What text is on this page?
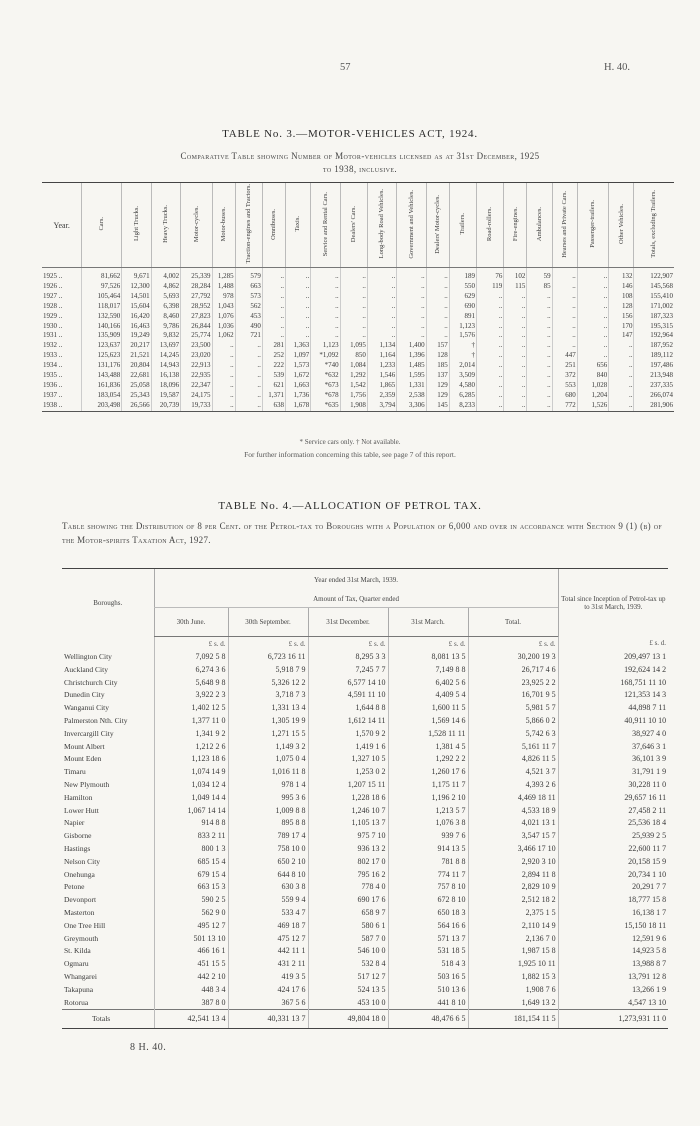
57	H. 40.
TABLE No. 3.—MOTOR-VEHICLES ACT, 1924.
Comparative Table showing Number of Motor-vehicles licensed as at 31st December, 1925
to 1938, inclusive.
Year.	Cars.	Light Trucks.	Heavy Trucks.	Motor-cycles.	Motor-buses.	Traction-engines and Tractors.	Omnibuses.	Taxis.	Service and Rental Cars.	Dealers' Cars.	Long-body Road Vehicles.	Government and Vehicles.	Dealers' Motor-cycles.	Trailers.	Road-rollers.	Fire-engines.	Ambulances.	Hearses and Private Cars.	Passenger-trailers.	Other Vehicles.	Totals, excluding Trailers.
1925 ..	81,662	9,671	4,002	25,339	1,285	579	..	..	..	..	..	..	..	189	76	102	59	..	..	132	122,907
1926 ..	97,526	12,300	4,862	28,284	1,488	663	..	..	..	..	..	..	..	550	119	115	85	..	..	146	145,568
1927 ..	105,464	14,501	5,693	27,792	978	573	..	..	..	..	..	..	..	629	..	..	..	..	..	108	155,410
1928 ..	118,017	15,604	6,398	28,952	1,043	562	..	..	..	..	..	..	..	690	..	..	..	..	..	128	171,002
1929 ..	132,590	16,420	8,460	27,823	1,076	453	..	..	..	..	..	..	..	891	..	..	..	..	..	156	187,323
1930 ..	140,166	16,463	9,786	26,844	1,036	490	..	..	..	..	..	..	..	1,123	..	..	..	..	..	170	195,315
1931 ..	135,909	19,249	9,832	25,774	1,062	721	..	..	..	..	..	..	..	1,576	..	..	..	..	..	147	192,964
1932 ..	123,637	20,217	13,697	23,500	..	..	281	1,363	1,123	1,095	1,134	1,400	157	†	..	..	..	..	..	..	187,952
1933 ..	125,623	21,521	14,245	23,020	..	..	252	1,097	*1,092	850	1,164	1,396	128	†	..	..	..	447	..	..	189,112
1934 ..	131,176	20,804	14,943	22,913	..	..	222	1,573	*740	1,084	1,233	1,485	185	2,014	..	..	..	251	656	..	197,486
1935 ..	143,488	22,681	16,138	22,935	..	..	539	1,672	*632	1,292	1,546	1,595	137	3,509	..	..	..	372	840	..	213,948
1936 ..	161,836	25,058	18,096	22,347	..	..	621	1,663	*673	1,542	1,865	1,331	129	4,580	..	..	..	553	1,028	..	237,335
1937 ..	183,054	25,343	19,587	24,175	..	..	1,371	1,736	*678	1,756	2,359	2,538	129	6,285	..	..	..	680	1,204	..	266,074
1938 ..	203,498	26,566	20,739	19,733	..	..	638	1,678	*635	1,908	3,794	3,306	145	8,233	..	..	..	772	1,526	..	281,906
* Service cars only. † Not available.
For further information concerning this table, see page 7 of this report.
TABLE No. 4.—ALLOCATION OF PETROL TAX.
Table showing the Distribution of 8 per Cent. of the Petrol-tax to Boroughs with a Population of 6,000 and over in accordance with Section 9 (1) (b) of the Motor-spirits Taxation Act, 1927.
Boroughs.	Year ended 31st March, 1939.					Total since Inception of Petrol-tax up to 31st March, 1939.
	Amount of Tax, Quarter ended					
	30th June.	30th September.	31st December.	31st March.	Total.	
	£ s. d.	£ s. d.	£ s. d.	£ s. d.	£ s. d.	£ s. d.
Wellington City	7,092 5 8	6,723 16 11	8,295 3 3	8,081 13 5	30,200 19 3	209,497 13 1
Auckland City	6,274 3 6	5,918 7 9	7,245 7 7	7,149 8 8	26,717 4 6	192,624 14 2
Christchurch City	5,648 9 8	5,326 12 2	6,577 14 10	6,402 5 6	23,925 2 2	168,751 11 10
Dunedin City	3,922 2 3	3,718 7 3	4,591 11 10	4,409 5 4	16,701 9 5	121,353 14 3
Wanganui City	1,402 12 5	1,331 13 4	1,644 8 8	1,600 11 5	5,981 5 7	44,898 7 11
Palmerston Nth. City	1,377 11 0	1,305 19 9	1,612 14 11	1,569 14 6	5,866 0 2	40,911 10 10
Invercargill City	1,341 9 2	1,271 15 5	1,570 9 2	1,528 11 11	5,742 6 3	38,927 4 0
Mount Albert	1,212 2 6	1,149 3 2	1,419 1 6	1,381 4 5	5,161 11 7	37,646 3 1
Mount Eden	1,123 18 6	1,075 0 4	1,327 10 5	1,292 2 2	4,826 11 5	36,101 3 9
Timaru	1,074 14 9	1,016 11 8	1,253 0 2	1,260 17 6	4,521 3 7	31,791 1 9
New Plymouth	1,034 12 4	978 1 4	1,207 15 11	1,175 11 7	4,393 2 6	30,228 11 0
Hamilton	1,049 14 4	995 3 6	1,228 18 6	1,196 2 10	4,469 18 11	29,657 16 11
Lower Hutt	1,067 14 14	1,009 8 8	1,246 10 7	1,213 5 7	4,533 18 9	27,458 2 11
Napier	914 8 8	895 8 8	1,105 13 7	1,076 3 8	4,021 13 1	25,536 18 4
Gisborne	833 2 11	789 17 4	975 7 10	939 7 6	3,547 15 7	25,939 2 5
Hastings	800 1 3	758 10 0	936 13 2	914 13 5	3,466 17 10	22,600 11 7
Nelson City	685 15 4	650 2 10	802 17 0	781 8 8	2,920 3 10	20,158 15 9
Onehunga	679 15 4	644 8 10	795 16 2	774 11 7	2,894 11 8	20,734 1 10
Petone	663 15 3	630 3 8	778 4 0	757 8 10	2,829 10 9	20,291 7 7
Devonport	590 2 5	559 9 4	690 17 6	672 8 10	2,512 18 2	18,777 15 8
Masterton	562 9 0	533 4 7	658 9 7	650 18 3	2,375 1 5	16,138 1 7
One Tree Hill	495 12 7	469 18 7	580 6 1	564 16 6	2,110 14 9	15,150 18 11
Greymouth	501 13 10	475 12 7	587 7 0	571 13 7	2,136 7 0	12,591 9 6
St. Kilda	466 16 1	442 11 1	546 10 0	531 18 5	1,987 15 8	14,923 5 8
Ogmaru	451 15 5	431 2 11	532 8 4	518 4 3	1,925 10 11	13,988 8 7
Whangarei	442 2 10	419 3 5	517 12 7	503 16 5	1,882 15 3	13,791 12 8
Takapuna	448 3 4	424 17 6	524 13 5	510 13 6	1,908 7 6	13,266 1 9
Rotorua	387 8 0	367 5 6	453 10 0	441 8 10	1,649 13 2	4,547 13 10
Totals	42,541 13 4	40,331 13 7	49,804 18 0	48,476 6 5	181,154 11 5	1,273,931 11 0
8 H. 40.
